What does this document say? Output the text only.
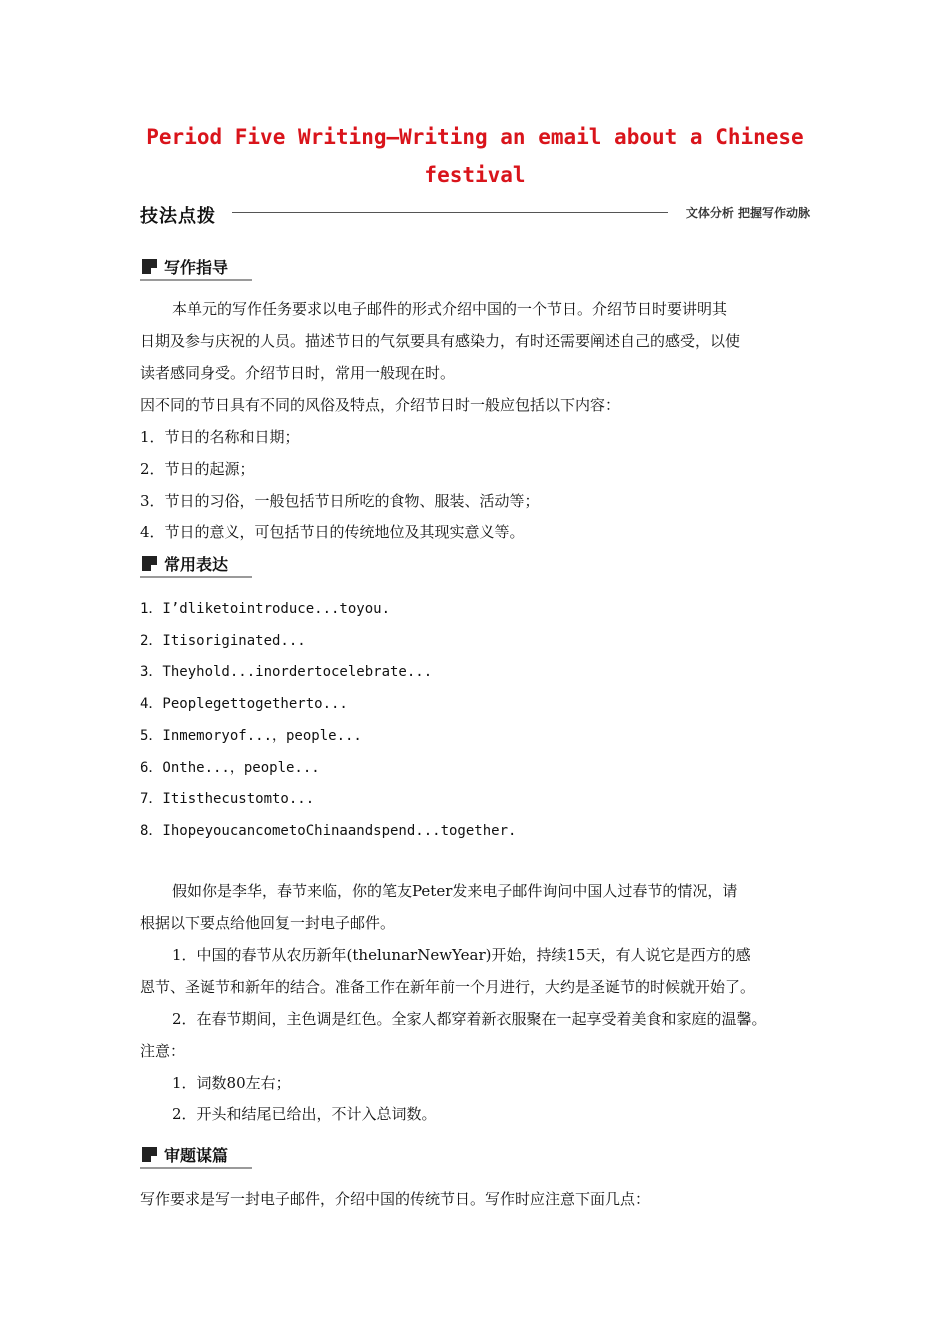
Period Five Writing—Writing an email about a Chinese
festival
技法点拨	文体分析 把握写作动脉
写作指导
本单元的写作任务要求以电子邮件的形式介绍中国的一个节日。介绍节日时要讲明其
日期及参与庆祝的人员。描述节日的气氛要具有感染力，有时还需要阐述自己的感受，以使
读者感同身受。介绍节日时，常用一般现在时。
因不同的节日具有不同的风俗及特点，介绍节日时一般应包括以下内容：
1．节日的名称和日期；
2．节日的起源；
3．节日的习俗，一般包括节日所吃的食物、服装、活动等；
4．节日的意义，可包括节日的传统地位及其现实意义等。
常用表达
1．I’dliketointroduce...toyou.
2．Itisoriginated...
3．Theyhold...inordertocelebrate...
4．Peoplegettogetherto...
5．Inmemoryof...，people...
6．Onthe...，people...
7．Itisthecustomto...
8．IhopeyoucancometoChinaandspend...together.
假如你是李华，春节来临，你的笔友Peter发来电子邮件询问中国人过春节的情况，请
根据以下要点给他回复一封电子邮件。
1．中国的春节从农历新年(thelunarNewYear)开始，持续15天，有人说它是西方的感
恩节、圣诞节和新年的结合。准备工作在新年前一个月进行，大约是圣诞节的时候就开始了。
2．在春节期间，主色调是红色。全家人都穿着新衣服聚在一起享受着美食和家庭的温馨。
注意：
1．词数80左右；
2．开头和结尾已给出，不计入总词数。
审题谋篇
写作要求是写一封电子邮件，介绍中国的传统节日。写作时应注意下面几点：
